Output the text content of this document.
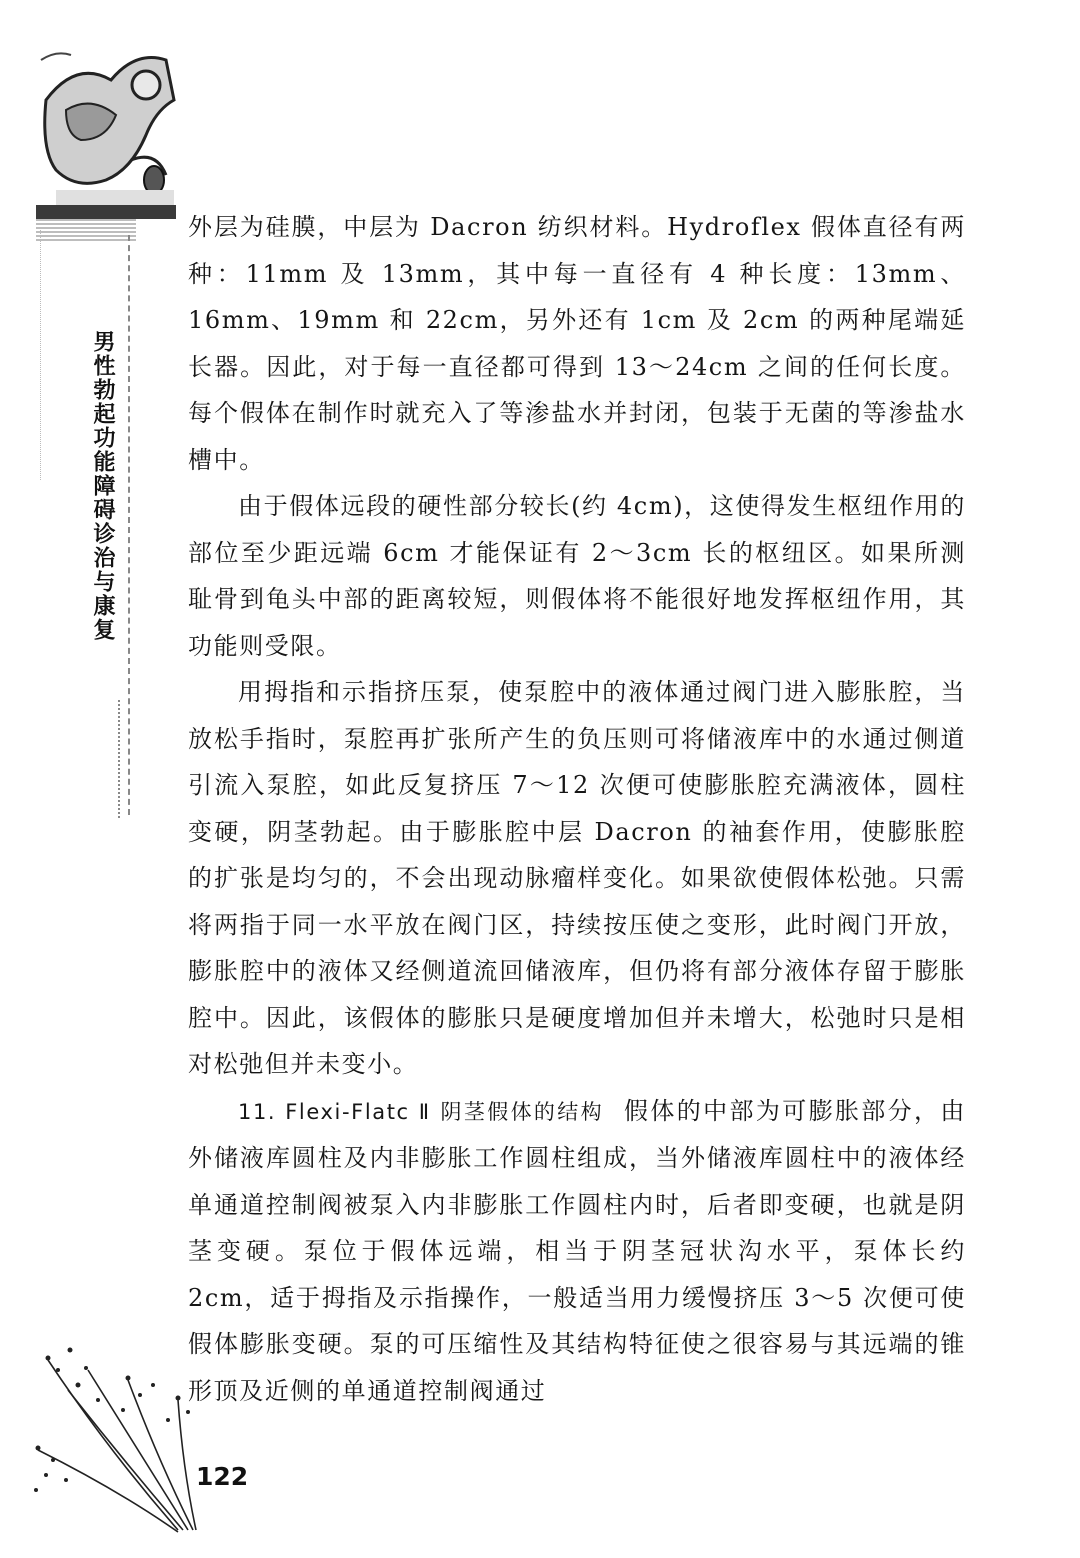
男性勃起功能障碍诊治与康复

外层为硅膜，中层为 Dacron 纺织材料。Hydroflex 假体直径有两种：11mm 及 13mm，其中每一直径有 4 种长度：13mm、16mm、19mm 和 22cm，另外还有 1cm 及 2cm 的两种尾端延长器。因此，对于每一直径都可得到 13～24cm 之间的任何长度。每个假体在制作时就充入了等渗盐水并封闭，包装于无菌的等渗盐水槽中。

由于假体远段的硬性部分较长(约 4cm)，这使得发生枢纽作用的部位至少距远端 6cm 才能保证有 2～3cm 长的枢纽区。如果所测耻骨到龟头中部的距离较短，则假体将不能很好地发挥枢纽作用，其功能则受限。

用拇指和示指挤压泵，使泵腔中的液体通过阀门进入膨胀腔，当放松手指时，泵腔再扩张所产生的负压则可将储液库中的水通过侧道引流入泵腔，如此反复挤压 7～12 次便可使膨胀腔充满液体，圆柱变硬，阴茎勃起。由于膨胀腔中层 Dacron 的袖套作用，使膨胀腔的扩张是均匀的，不会出现动脉瘤样变化。如果欲使假体松弛。只需将两指于同一水平放在阀门区，持续按压使之变形，此时阀门开放，膨胀腔中的液体又经侧道流回储液库，但仍将有部分液体存留于膨胀腔中。因此，该假体的膨胀只是硬度增加但并未增大，松弛时只是相对松弛但并未变小。

11. Flexi-Flatc Ⅱ 阴茎假体的结构 假体的中部为可膨胀部分，由外储液库圆柱及内非膨胀工作圆柱组成，当外储液库圆柱中的液体经单通道控制阀被泵入内非膨胀工作圆柱内时，后者即变硬，也就是阴茎变硬。泵位于假体远端，相当于阴茎冠状沟水平，泵体长约 2cm，适于拇指及示指操作，一般适当用力缓慢挤压 3～5 次便可使假体膨胀变硬。泵的可压缩性及其结构特征使之很容易与其远端的锥形顶及近侧的单通道控制阀通过

122
